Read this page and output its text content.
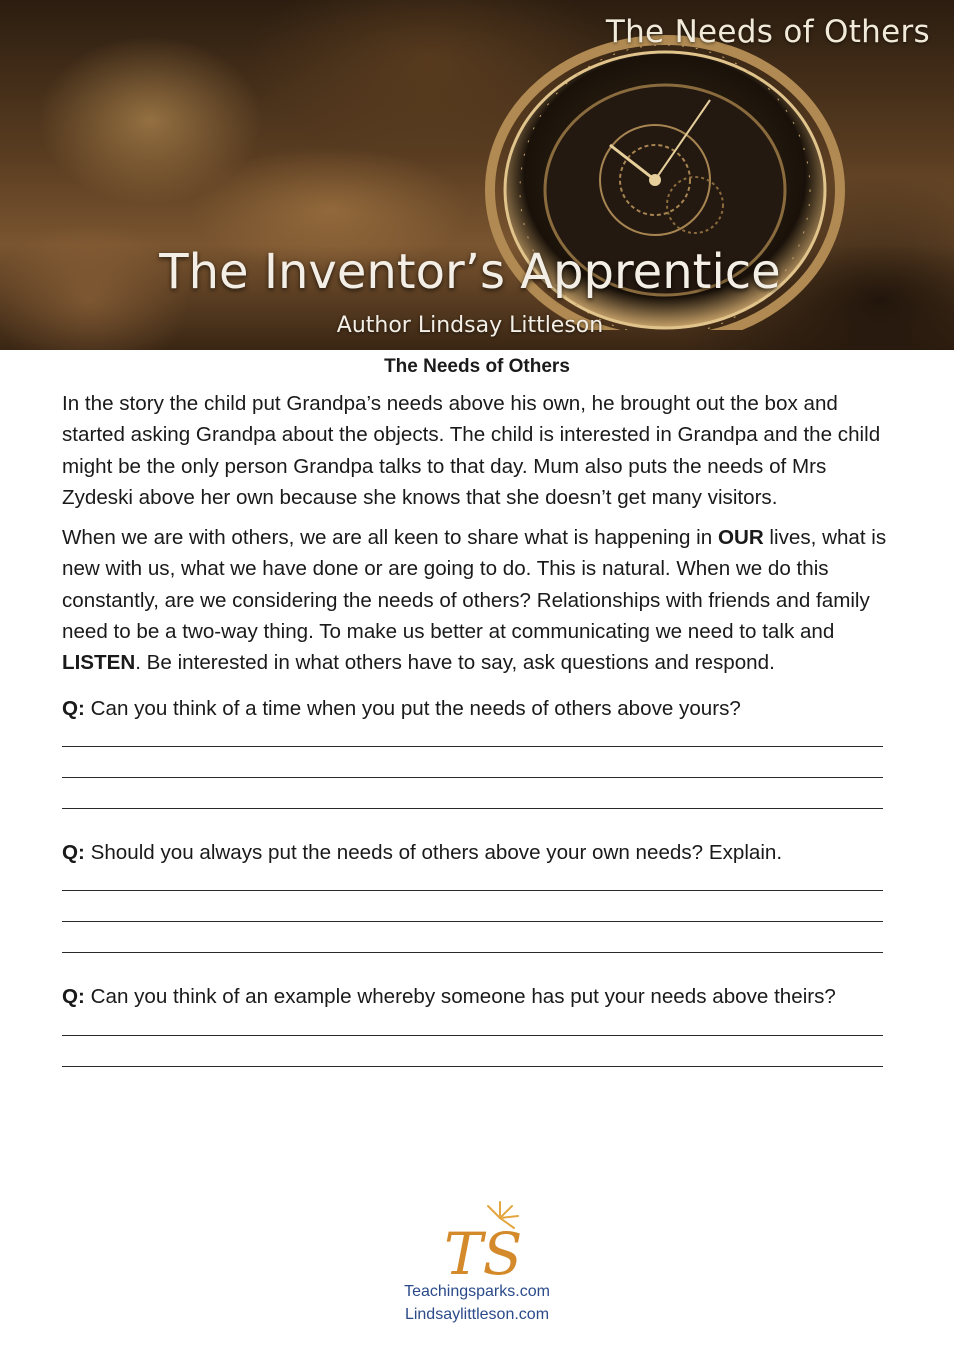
The Needs of Others
The Inventor’s Apprentice
Author Lindsay Littleson
The Needs of Others

In the story the child put Grandpa’s needs above his own, he brought out the box and started asking Grandpa about the objects. The child is interested in Grandpa and the child might be the only person Grandpa talks to that day. Mum also puts the needs of Mrs Zydeski above her own because she knows that she doesn’t get many visitors.

When we are with others, we are all keen to share what is happening in OUR lives, what is new with us, what we have done or are going to do. This is natural. When we do this constantly, are we considering the needs of others? Relationships with friends and family need to be a two-way thing. To make us better at communicating we need to talk and LISTEN. Be interested in what others have to say, ask questions and respond.

Q: Can you think of a time when you put the needs of others above yours?
Q: Should you always put the needs of others above your own needs? Explain.
Q: Can you think of an example whereby someone has put your needs above theirs?
TS
Teachingsparks.com
Lindsaylittleson.com
